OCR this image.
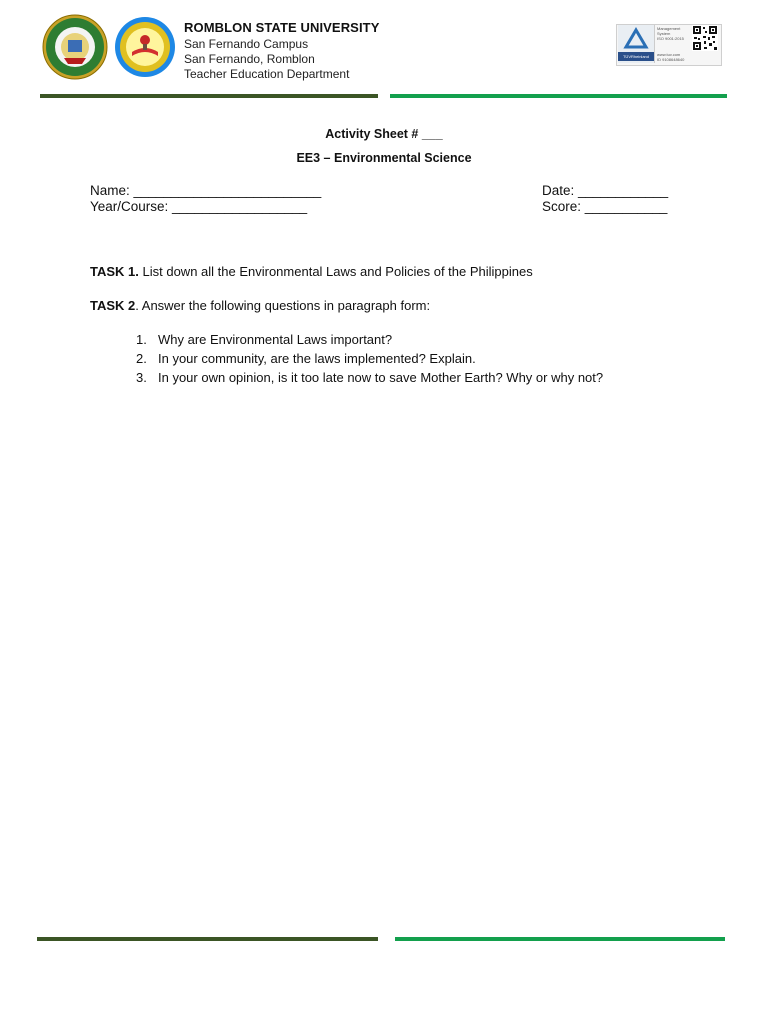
ROMBLON STATE UNIVERSITY
San Fernando Campus
San Fernando, Romblon
Teacher Education Department
TÜVRheinland
Management
System
ISO 9001:2015
www.tuv.com
ID 9108648640
Activity Sheet # ___
EE3 – Environmental Science
Name: _________________________
Year/Course: __________________
Date: ____________
Score: ___________
TASK 1. List down all the Environmental Laws and Policies of the Philippines
TASK 2. Answer the following questions in paragraph form:
1. Why are Environmental Laws important?
2. In your community, are the laws implemented? Explain.
3. In your own opinion, is it too late now to save Mother Earth? Why or why not?
